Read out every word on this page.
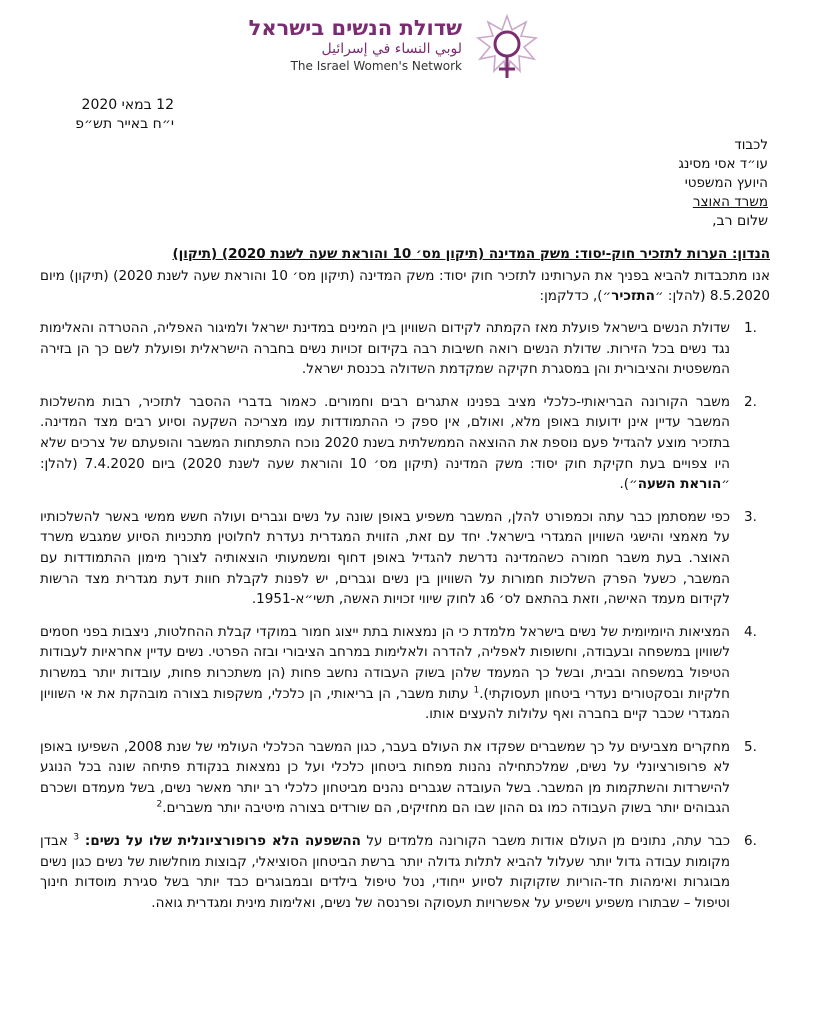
שדולת הנשים בישראל
لوبي النساء في إسرائيل
The Israel Women's Network
12 במאי 2020
י״ח באייר תש״פ
לכבוד
עו״ד אסי מסינג
היועץ המשפטי
משרד האוצר
שלום רב,
הנדון: הערות לתזכיר חוק-יסוד: משק המדינה (תיקון מס׳ 10 והוראת שעה לשנת 2020) (תיקון)
אנו מתכבדות להביא בפניך את הערותינו לתזכיר חוק יסוד: משק המדינה (תיקון מס׳ 10 והוראת שעה לשנת 2020) (תיקון) מיום 8.5.2020 (להלן: ״התזכיר״), כדלקמן:
1.
שדולת הנשים בישראל פועלת מאז הקמתה לקידום השוויון בין המינים במדינת ישראל ולמיגור האפליה, ההטרדה והאלימות נגד נשים בכל הזירות. שדולת הנשים רואה חשיבות רבה בקידום זכויות נשים בחברה הישראלית ופועלת לשם כך הן בזירה המשפטית והציבורית והן במסגרת חקיקה שמקדמת השדולה בכנסת ישראל.
2.
משבר הקורונה הבריאותי-כלכלי מציב בפנינו אתגרים רבים וחמורים. כאמור בדברי ההסבר לתזכיר, רבות מהשלכות המשבר עדיין אינן ידועות באופן מלא, ואולם, אין ספק כי ההתמודדות עמו מצריכה השקעה וסיוע רבים מצד המדינה. בתזכיר מוצע להגדיל פעם נוספת את ההוצאה הממשלתית בשנת 2020 נוכח התפתחות המשבר והופעתם של צרכים שלא היו צפויים בעת חקיקת חוק יסוד: משק המדינה (תיקון מס׳ 10 והוראת שעה לשנת 2020) ביום 7.4.2020 (להלן: ״הוראת השעה״).
3.
כפי שמסתמן כבר עתה וכמפורט להלן, המשבר משפיע באופן שונה על נשים וגברים ועולה חשש ממשי באשר להשלכותיו על מאמצי והישגי השוויון המגדרי בישראל. יחד עם זאת, הזווית המגדרית נעדרת לחלוטין מתכניות הסיוע שמגבש משרד האוצר. בעת משבר חמורה כשהמדינה נדרשת להגדיל באופן דחוף ומשמעותי הוצאותיה לצורך מימון ההתמודדות עם המשבר, כשעל הפרק השלכות חמורות על השוויון בין נשים וגברים, יש לפנות לקבלת חוות דעת מגדרית מצד הרשות לקידום מעמד האישה, וזאת בהתאם לס׳ 6ג לחוק שיווי זכויות האשה, תשי״א-1951.
4.
המציאות היומיומית של נשים בישראל מלמדת כי הן נמצאות בתת ייצוג חמור במוקדי קבלת ההחלטות, ניצבות בפני חסמים לשוויון במשפחה ובעבודה, וחשופות לאפליה, להדרה ולאלימות במרחב הציבורי ובזה הפרטי. נשים עדיין אחראיות לעבודות הטיפול במשפחה ובבית, ובשל כך המעמד שלהן בשוק העבודה נחשב פחות (הן משתכרות פחות, עובדות יותר במשרות חלקיות ובסקטורים נעדרי ביטחון תעסוקתי).$^1$ עתות משבר, הן בריאותי, הן כלכלי, משקפות בצורה מובהקת את אי השוויון המגדרי שכבר קיים בחברה ואף עלולות להעצים אותו.
5.
מחקרים מצביעים על כך שמשברים שפקדו את העולם בעבר, כגון המשבר הכלכלי העולמי של שנת 2008, השפיעו באופן לא פרופורציונלי על נשים, שמלכתחילה נהנות מפחות ביטחון כלכלי ועל כן נמצאות בנקודת פתיחה שונה בכל הנוגע להישרדות והשתקמות מן המשבר. בשל העובדה שגברים נהנים מביטחון כלכלי רב יותר מאשר נשים, בשל מעמדם ושכרם הגבוהים יותר בשוק העבודה כמו גם ההון שבו הם מחזיקים, הם שורדים בצורה מיטיבה יותר משברים.$^2$
6.
כבר עתה, נתונים מן העולם אודות משבר הקורונה מלמדים על ההשפעה הלא פרופורציונלית שלו על נשים: $^3$ אבדן מקומות עבודה גדול יותר שעלול להביא לתלות גדולה יותר ברשת הביטחון הסוציאלי, קבוצות מוחלשות של נשים כגון נשים מבוגרות ואימהות חד-הוריות שזקוקות לסיוע ייחודי, נטל טיפול בילדים ובמבוגרים כבד יותר בשל סגירת מוסדות חינוך וטיפול – שבתורו משפיע וישפיע על אפשרויות תעסוקה ופרנסה של נשים, ואלימות מינית ומגדרית גואה.
